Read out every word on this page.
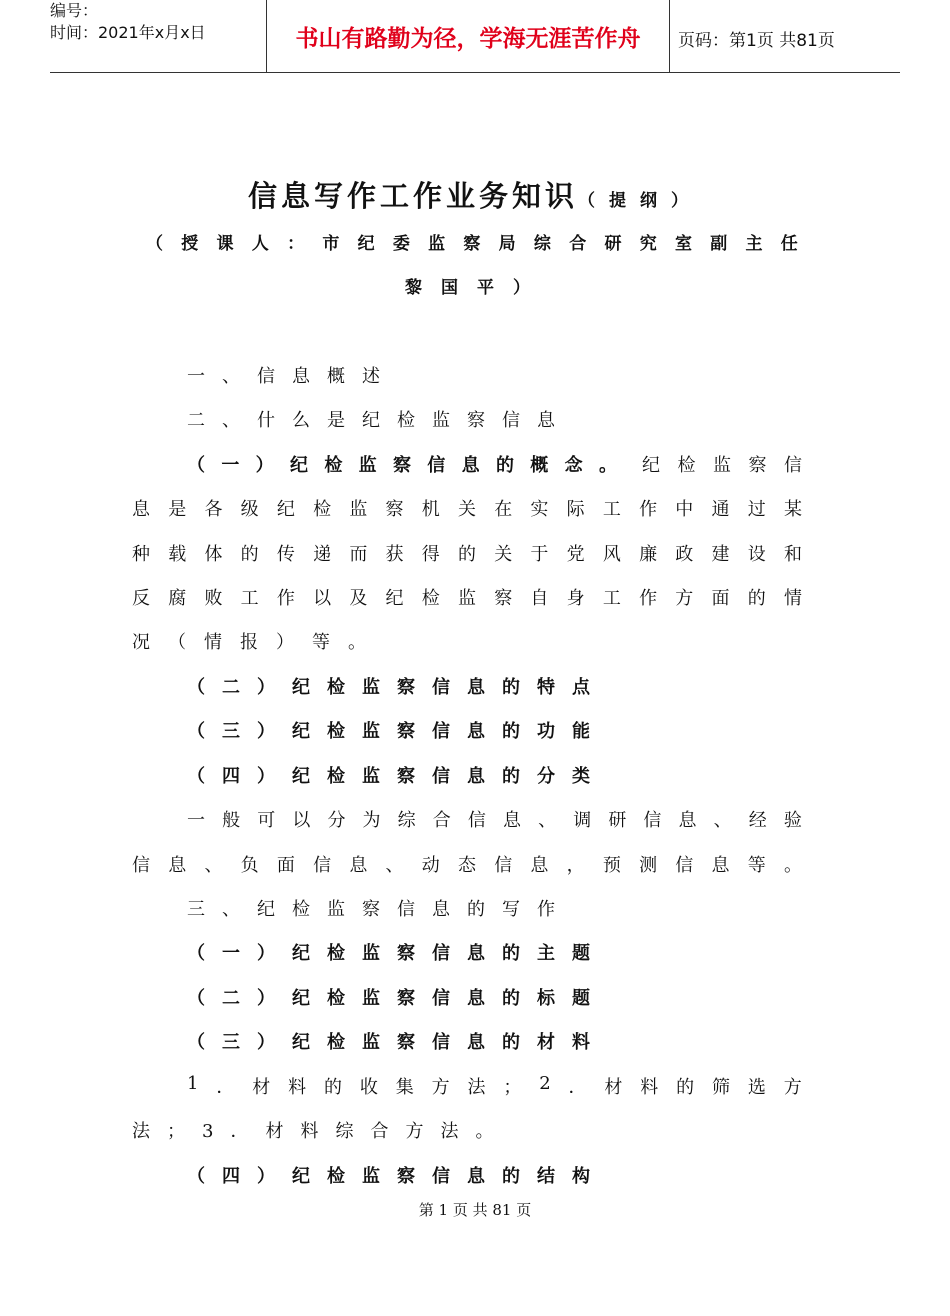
编号：
时间：2021年x月x日	书山有路勤为径，学海无涯苦作舟 页码：第1页 共81页
信息写作工作业务知识（提纲）
（ 授 课 人 ： 市 纪 委 监 察 局 综 合 研 究 室 副 主 任
黎国平）
一、信息概述
二、什么是纪检监察信息
（ 一 ） 纪 检 监 察 信 息 的 概 念 。 纪 检 监 察 信
息 是 各 级 纪 检 监 察 机 关 在 实 际 工 作 中 通 过 某
种 载 体 的 传 递 而 获 得 的 关 于 党 风 廉 政 建 设 和
反 腐 败 工 作 以 及 纪 检 监 察 自 身 工 作 方 面 的 情
况（情报）等。
（二）纪检监察信息的特点
（三）纪检监察信息的功能
（四）纪检监察信息的分类
一 般 可 以 分 为 综 合 信 息 、 调 研 信 息 、 经 验
信 息 、 负 面 信 息 、 动 态 信 息 ， 预 测 信 息 等 。
三、纪检监察信息的写作
（一）纪检监察信息的主题
（二）纪检监察信息的标题
（三）纪检监察信息的材料
1 ． 材 料 的 收 集 方 法 ； 2 ． 材 料 的 筛 选 方
法；3．材料综合方法。
（四）纪检监察信息的结构
第 1 页 共 81 页
